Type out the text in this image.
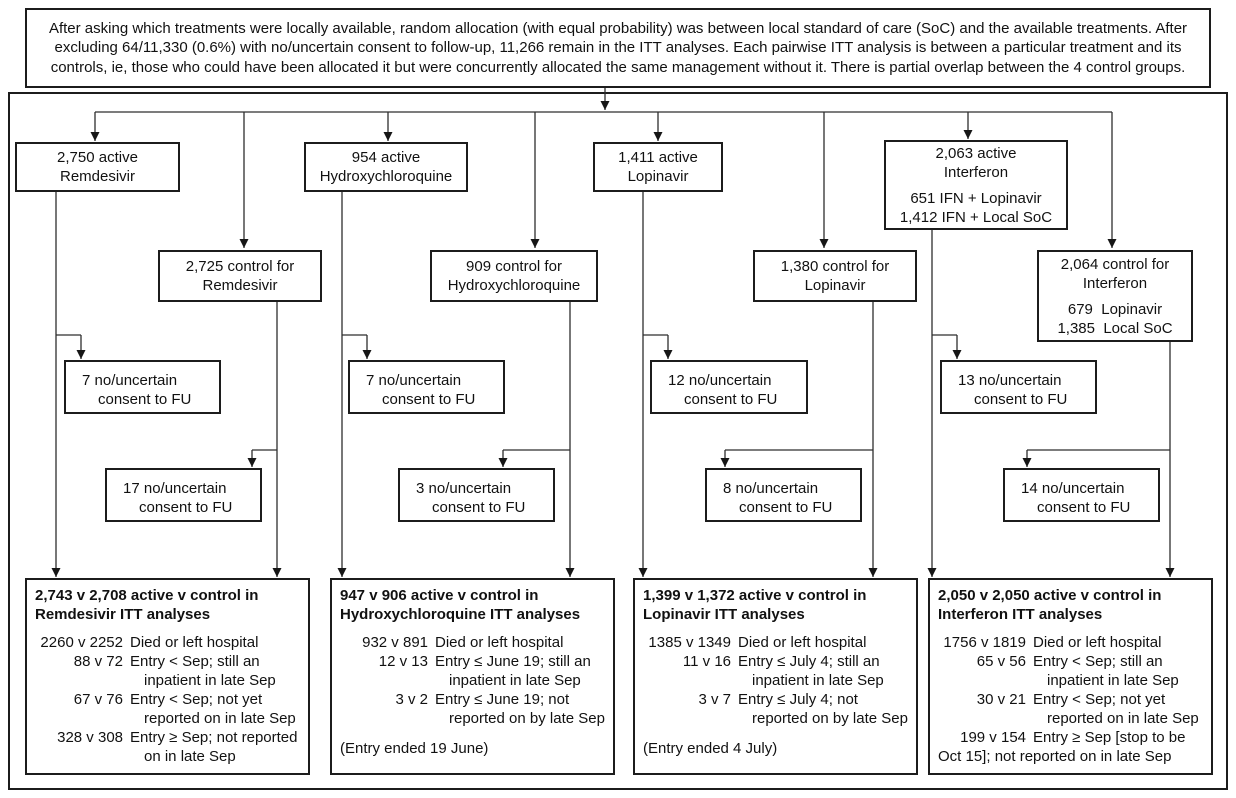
After asking which treatments were locally available, random allocation (with equal probability) was between local standard of care (SoC) and the available treatments. After excluding 64/11,330 (0.6%) with no/uncertain consent to follow-up, 11,266 remain in the ITT analyses. Each pairwise ITT analysis is between a particular treatment and its controls, ie, those who could have been allocated it but were concurrently allocated the same management without it. There is partial overlap between the 4 control groups.
2,750 active
Remdesivir
954 active
Hydroxychloroquine
1,411 active
Lopinavir
2,063 active
Interferon
651 IFN + Lopinavir
1,412 IFN + Local SoC
2,725 control for
Remdesivir
909 control for
Hydroxychloroquine
1,380 control for
Lopinavir
2,064 control for
Interferon
679  Lopinavir
1,385  Local SoC
7 no/uncertain
consent to FU
7 no/uncertain
consent to FU
12 no/uncertain
consent to FU
13 no/uncertain
consent to FU
17 no/uncertain
consent to FU
3 no/uncertain
consent to FU
8 no/uncertain
consent to FU
14 no/uncertain
consent to FU
2,743 v 2,708 active v control in Remdesivir ITT analyses
2260 v 2252 Died or left hospital
88 v 72 Entry < Sep; still an inpatient in late Sep
67 v 76 Entry < Sep; not yet reported on in late Sep
328 v 308 Entry ≥ Sep; not reported on in late Sep
947 v 906 active v control in Hydroxychloroquine ITT analyses
932 v 891 Died or left hospital
12 v 13 Entry ≤ June 19; still an inpatient in late Sep
3 v 2 Entry ≤ June 19; not reported on by late Sep
(Entry ended 19 June)
1,399 v 1,372 active v control in Lopinavir ITT analyses
1385 v 1349 Died or left hospital
11 v 16 Entry ≤ July 4; still an inpatient in late Sep
3 v 7 Entry ≤ July 4; not reported on by late Sep
(Entry ended 4 July)
2,050 v 2,050 active v control in Interferon ITT analyses
1756 v 1819 Died or left hospital
65 v 56 Entry < Sep; still an inpatient in late Sep
30 v 21 Entry < Sep; not yet reported on in late Sep
199 v 154 Entry ≥ Sep [stop to be
Oct 15]; not reported on in late Sep
